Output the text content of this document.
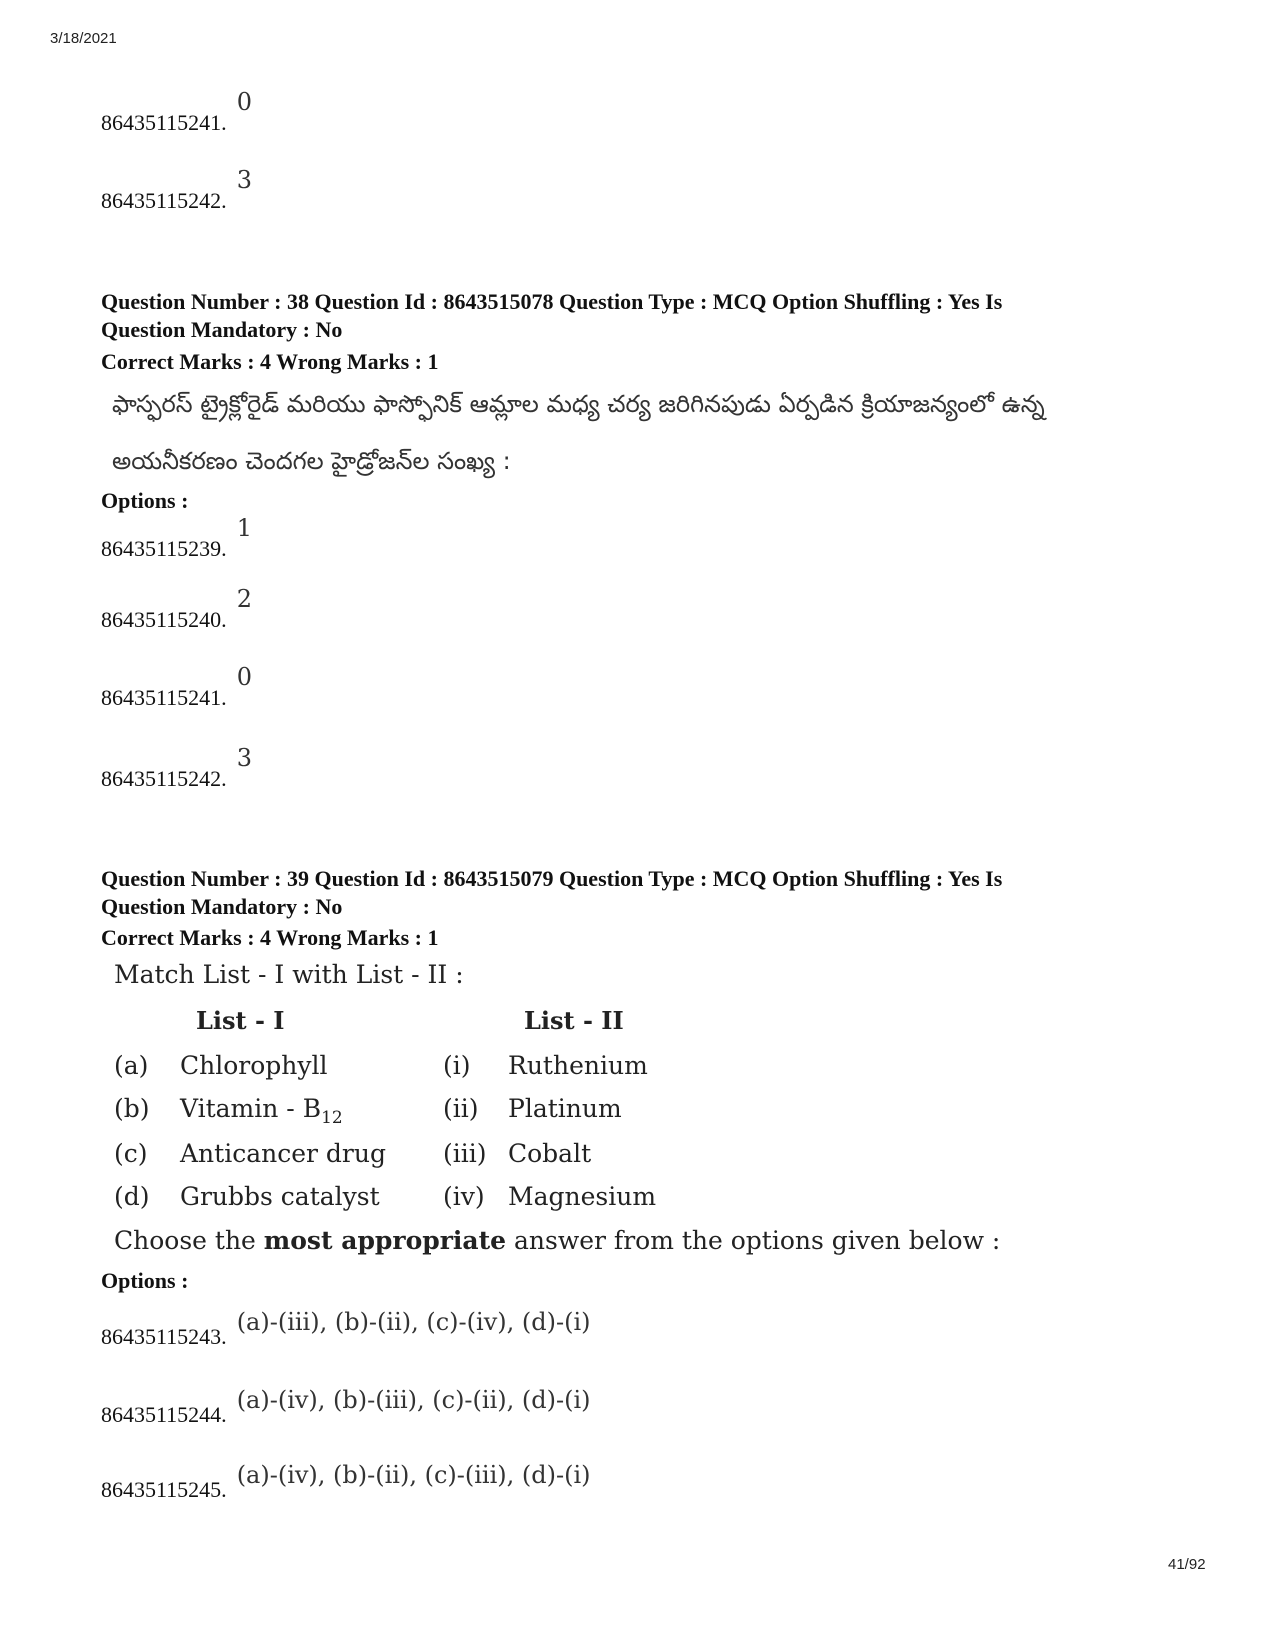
3/18/2021
86435115241.0
86435115242.3
Question Number : 38 Question Id : 8643515078 Question Type : MCQ Option Shuffling : Yes Is
Question Mandatory : No
Correct Marks : 4 Wrong Marks : 1
ఫాస్ఫరస్ ట్రైక్లోరైడ్ మరియు ఫాస్ఫోనిక్ ఆమ్లాల మధ్య చర్య జరిగినపుడు ఏర్పడిన క్రియాజన్యంలో ఉన్న
అయనీకరణం చెందగల హైడ్రోజన్‌ల సంఖ్య :
Options :
86435115239.1
86435115240.2
86435115241.0
86435115242.3
Question Number : 39 Question Id : 8643515079 Question Type : MCQ Option Shuffling : Yes Is
Question Mandatory : No
Correct Marks : 4 Wrong Marks : 1
Match List - I with List - II :
List - I	List - II
(a) Chlorophyll	(i) Ruthenium
(b) Vitamin - $B_{12}$	(ii) Platinum
(c) Anticancer drug (iii) Cobalt
(d) Grubbs catalyst	(iv) Magnesium
Choose the most appropriate answer from the options given below :
Options :
86435115243.(a)-(iii), (b)-(ii), (c)-(iv), (d)-(i)
86435115244.(a)-(iv), (b)-(iii), (c)-(ii), (d)-(i)
86435115245.(a)-(iv), (b)-(ii), (c)-(iii), (d)-(i)
41/92
